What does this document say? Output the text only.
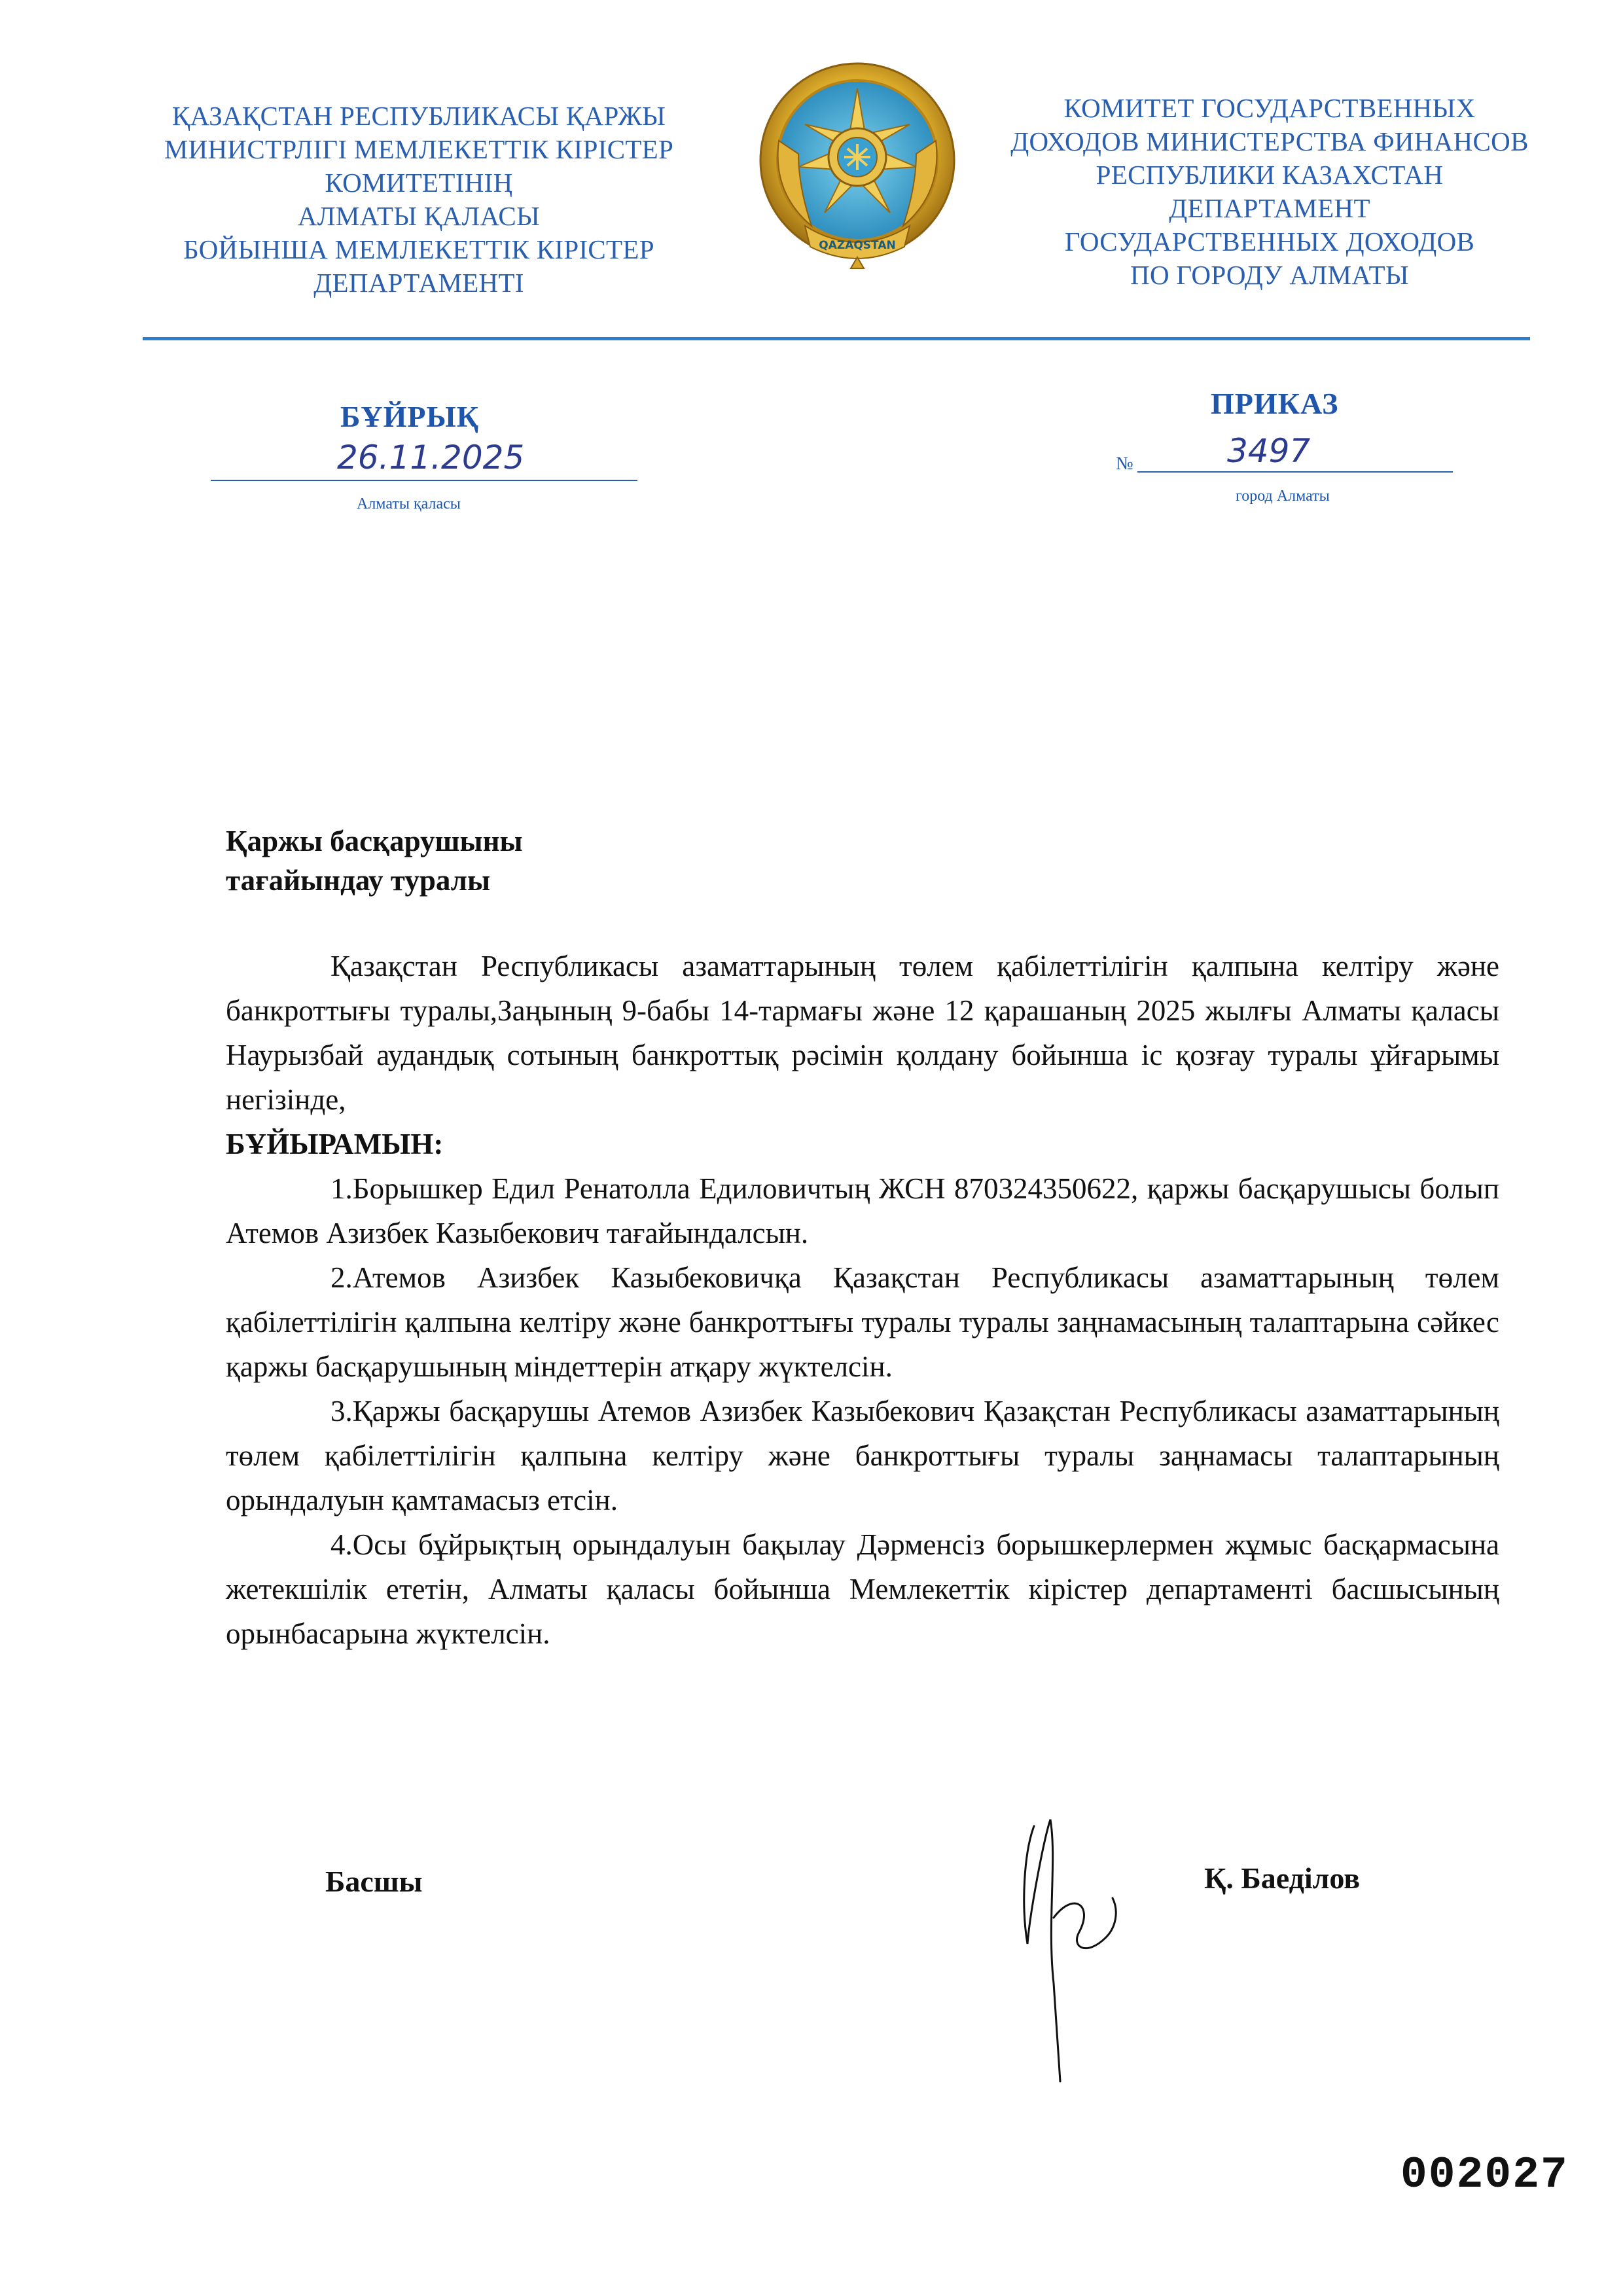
ҚАЗАҚСТАН РЕСПУБЛИКАСЫ ҚАРЖЫ
МИНИСТРЛІГІ МЕМЛЕКЕТТІК КІРІСТЕР
КОМИТЕТІНІҢ
АЛМАТЫ ҚАЛАСЫ
БОЙЫНША МЕМЛЕКЕТТІК КІРІСТЕР
ДЕПАРТАМЕНТІ
QAZAQSTAN
КОМИТЕТ ГОСУДАРСТВЕННЫХ
ДОХОДОВ МИНИСТЕРСТВА ФИНАНСОВ
РЕСПУБЛИКИ КАЗАХСТАН
ДЕПАРТАМЕНТ
ГОСУДАРСТВЕННЫХ ДОХОДОВ
ПО ГОРОДУ АЛМАТЫ
БҰЙРЫҚ	ПРИКАЗ
26.11.2025
Алматы қаласы
№	3497
город Алматы
Қаржы басқарушыны
тағайындау туралы

Қазақстан Республикасы азаматтарының төлем қабілеттілігін қалпына келтіру және банкроттығы туралы,Заңының 9-бабы 14-тармағы және 12 қарашаның 2025 жылғы Алматы қаласы Наурызбай аудандық сотының банкроттық рәсімін қолдану бойынша іс қозғау туралы ұйғарымы негізінде,

БҰЙЫРАМЫН:

1.Борышкер Едил Ренатолла Едиловичтың ЖСН 870324350622, қаржы басқарушысы болып Атемов Азизбек Казыбекович тағайындалсын.

2.Атемов Азизбек Казыбековичқа Қазақстан Республикасы азаматтарының төлем қабілеттілігін қалпына келтіру және банкроттығы туралы туралы заңнамасының талаптарына сәйкес қаржы басқарушының міндеттерін атқару жүктелсін.

3.Қаржы басқарушы Атемов Азизбек Казыбекович Қазақстан Республикасы азаматтарының төлем қабілеттілігін қалпына келтіру және банкроттығы туралы заңнамасы талаптарының орындалуын қамтамасыз етсін.

4.Осы бұйрықтың орындалуын бақылау Дәрменсіз борышкерлермен жұмыс басқармасына жетекшілік ететін, Алматы қаласы бойынша Мемлекеттік кірістер департаменті басшысының орынбасарына жүктелсін.

Басшы	Қ. Баеділов
002027
